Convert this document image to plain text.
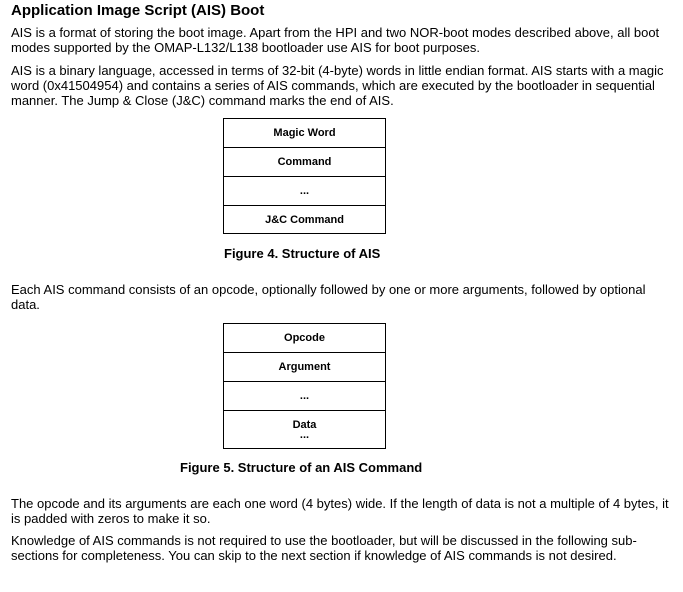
Application Image Script (AIS) Boot
AIS is a format of storing the boot image. Apart from the HPI and two NOR-boot modes described above, all boot modes supported by the OMAP-L132/L138 bootloader use AIS for boot purposes.
AIS is a binary language, accessed in terms of 32-bit (4-byte) words in little endian format. AIS starts with a magic word (0x41504954) and contains a series of AIS commands, which are executed by the bootloader in sequential manner. The Jump & Close (J&C) command marks the end of AIS.
Magic Word
Command
...
J&C Command
Figure 4. Structure of AIS
Each AIS command consists of an opcode, optionally followed by one or more arguments, followed by optional data.
Opcode
Argument
...
Data
...
Figure 5. Structure of an AIS Command
The opcode and its arguments are each one word (4 bytes) wide. If the length of data is not a multiple of 4 bytes, it is padded with zeros to make it so.
Knowledge of AIS commands is not required to use the bootloader, but will be discussed in the following sub-sections for completeness. You can skip to the next section if knowledge of AIS commands is not desired.
